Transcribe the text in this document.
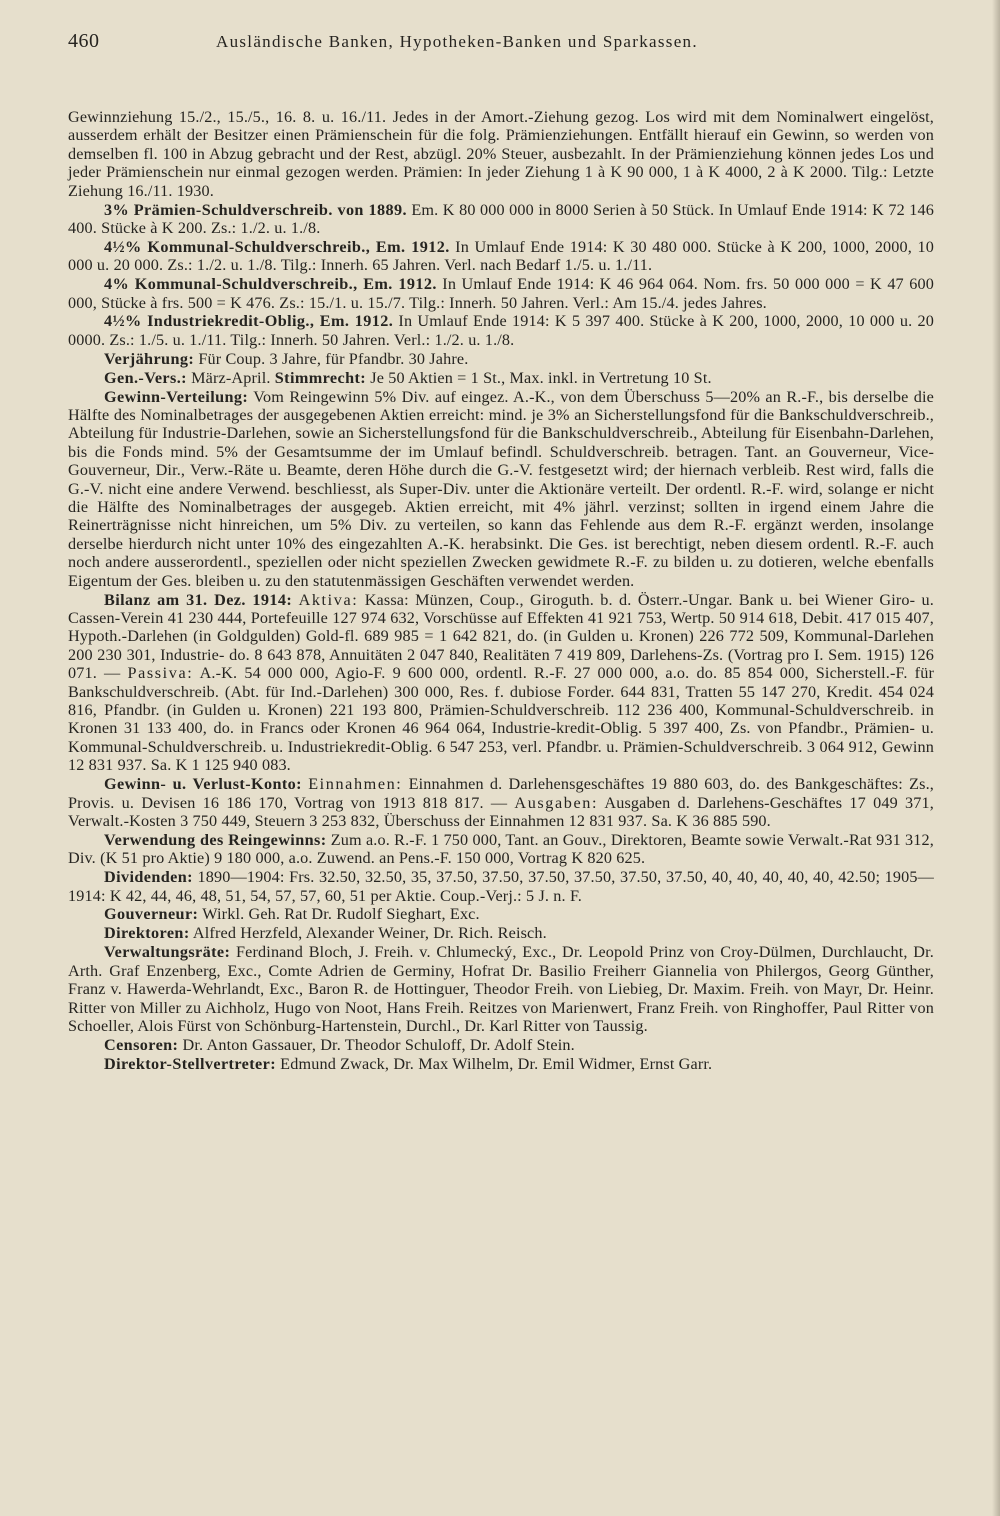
460	Ausländische Banken, Hypotheken-Banken und Sparkassen.

Gewinnziehung 15./2., 15./5., 16. 8. u. 16./11. Jedes in der Amort.-Ziehung gezog. Los wird mit dem Nominalwert eingelöst, ausserdem erhält der Besitzer einen Prämienschein für die folg. Prämienziehungen. Entfällt hierauf ein Gewinn, so werden von demselben fl. 100 in Abzug gebracht und der Rest, abzügl. 20% Steuer, ausbezahlt. In der Prämienziehung können jedes Los und jeder Prämienschein nur einmal gezogen werden. Prämien: In jeder Ziehung 1 à K 90 000, 1 à K 4000, 2 à K 2000. Tilg.: Letzte Ziehung 16./11. 1930.

3% Prämien-Schuldverschreib. von 1889. Em. K 80 000 000 in 8000 Serien à 50 Stück. In Umlauf Ende 1914: K 72 146 400. Stücke à K 200. Zs.: 1./2. u. 1./8.

4½% Kommunal-Schuldverschreib., Em. 1912. In Umlauf Ende 1914: K 30 480 000. Stücke à K 200, 1000, 2000, 10 000 u. 20 000. Zs.: 1./2. u. 1./8. Tilg.: Innerh. 65 Jahren. Verl. nach Bedarf 1./5. u. 1./11.

4% Kommunal-Schuldverschreib., Em. 1912. In Umlauf Ende 1914: K 46 964 064. Nom. frs. 50 000 000 = K 47 600 000, Stücke à frs. 500 = K 476. Zs.: 15./1. u. 15./7. Tilg.: Innerh. 50 Jahren. Verl.: Am 15./4. jedes Jahres.

4½% Industriekredit-Oblig., Em. 1912. In Umlauf Ende 1914: K 5 397 400. Stücke à K 200, 1000, 2000, 10 000 u. 20 0000. Zs.: 1./5. u. 1./11. Tilg.: Innerh. 50 Jahren. Verl.: 1./2. u. 1./8.

Verjährung: Für Coup. 3 Jahre, für Pfandbr. 30 Jahre.

Gen.-Vers.: März-April. Stimmrecht: Je 50 Aktien = 1 St., Max. inkl. in Vertretung 10 St.

Gewinn-Verteilung: Vom Reingewinn 5% Div. auf eingez. A.-K., von dem Überschuss 5—20% an R.-F., bis derselbe die Hälfte des Nominalbetrages der ausgegebenen Aktien erreicht: mind. je 3% an Sicherstellungsfond für die Bankschuldverschreib., Abteilung für Industrie-Darlehen, sowie an Sicherstellungsfond für die Bankschuldverschreib., Abteilung für Eisenbahn-Darlehen, bis die Fonds mind. 5% der Gesamtsumme der im Umlauf befindl. Schuldverschreib. betragen. Tant. an Gouverneur, Vice-Gouverneur, Dir., Verw.-Räte u. Beamte, deren Höhe durch die G.-V. festgesetzt wird; der hiernach verbleib. Rest wird, falls die G.-V. nicht eine andere Verwend. beschliesst, als Super-Div. unter die Aktionäre verteilt. Der ordentl. R.-F. wird, solange er nicht die Hälfte des Nominalbetrages der ausgegeb. Aktien erreicht, mit 4% jährl. verzinst; sollten in irgend einem Jahre die Reinerträgnisse nicht hinreichen, um 5% Div. zu verteilen, so kann das Fehlende aus dem R.-F. ergänzt werden, insolange derselbe hierdurch nicht unter 10% des eingezahlten A.-K. herabsinkt. Die Ges. ist berechtigt, neben diesem ordentl. R.-F. auch noch andere ausserordentl., speziellen oder nicht speziellen Zwecken gewidmete R.-F. zu bilden u. zu dotieren, welche ebenfalls Eigentum der Ges. bleiben u. zu den statutenmässigen Geschäften verwendet werden.

Bilanz am 31. Dez. 1914: Aktiva: Kassa: Münzen, Coup., Giroguth. b. d. Österr.-Ungar. Bank u. bei Wiener Giro- u. Cassen-Verein 41 230 444, Portefeuille 127 974 632, Vorschüsse auf Effekten 41 921 753, Wertp. 50 914 618, Debit. 417 015 407, Hypoth.-Darlehen (in Goldgulden) Gold-fl. 689 985 = 1 642 821, do. (in Gulden u. Kronen) 226 772 509, Kommunal-Darlehen 200 230 301, Industrie- do. 8 643 878, Annuitäten 2 047 840, Realitäten 7 419 809, Darlehens-Zs. (Vortrag pro I. Sem. 1915) 126 071. — Passiva: A.-K. 54 000 000, Agio-F. 9 600 000, ordentl. R.-F. 27 000 000, a.o. do. 85 854 000, Sicherstell.-F. für Bankschuldverschreib. (Abt. für Ind.-Darlehen) 300 000, Res. f. dubiose Forder. 644 831, Tratten 55 147 270, Kredit. 454 024 816, Pfandbr. (in Gulden u. Kronen) 221 193 800, Prämien-Schuldverschreib. 112 236 400, Kommunal-Schuldverschreib. in Kronen 31 133 400, do. in Francs oder Kronen 46 964 064, Industrie-kredit-Oblig. 5 397 400, Zs. von Pfandbr., Prämien- u. Kommunal-Schuldverschreib. u. Industriekredit-Oblig. 6 547 253, verl. Pfandbr. u. Prämien-Schuldverschreib. 3 064 912, Gewinn 12 831 937. Sa. K 1 125 940 083.

Gewinn- u. Verlust-Konto: Einnahmen: Einnahmen d. Darlehensgeschäftes 19 880 603, do. des Bankgeschäftes: Zs., Provis. u. Devisen 16 186 170, Vortrag von 1913 818 817. — Ausgaben: Ausgaben d. Darlehens-Geschäftes 17 049 371, Verwalt.-Kosten 3 750 449, Steuern 3 253 832, Überschuss der Einnahmen 12 831 937. Sa. K 36 885 590.

Verwendung des Reingewinns: Zum a.o. R.-F. 1 750 000, Tant. an Gouv., Direktoren, Beamte sowie Verwalt.-Rat 931 312, Div. (K 51 pro Aktie) 9 180 000, a.o. Zuwend. an Pens.-F. 150 000, Vortrag K 820 625.

Dividenden: 1890—1904: Frs. 32.50, 32.50, 35, 37.50, 37.50, 37.50, 37.50, 37.50, 37.50, 40, 40, 40, 40, 40, 42.50; 1905—1914: K 42, 44, 46, 48, 51, 54, 57, 57, 60, 51 per Aktie. Coup.-Verj.: 5 J. n. F.

Gouverneur: Wirkl. Geh. Rat Dr. Rudolf Sieghart, Exc.

Direktoren: Alfred Herzfeld, Alexander Weiner, Dr. Rich. Reisch.

Verwaltungsräte: Ferdinand Bloch, J. Freih. v. Chlumecký, Exc., Dr. Leopold Prinz von Croy-Dülmen, Durchlaucht, Dr. Arth. Graf Enzenberg, Exc., Comte Adrien de Germiny, Hofrat Dr. Basilio Freiherr Giannelia von Philergos, Georg Günther, Franz v. Hawerda-Wehrlandt, Exc., Baron R. de Hottinguer, Theodor Freih. von Liebieg, Dr. Maxim. Freih. von Mayr, Dr. Heinr. Ritter von Miller zu Aichholz, Hugo von Noot, Hans Freih. Reitzes von Marienwert, Franz Freih. von Ringhoffer, Paul Ritter von Schoeller, Alois Fürst von Schönburg-Hartenstein, Durchl., Dr. Karl Ritter von Taussig.

Censoren: Dr. Anton Gassauer, Dr. Theodor Schuloff, Dr. Adolf Stein.

Direktor-Stellvertreter: Edmund Zwack, Dr. Max Wilhelm, Dr. Emil Widmer, Ernst Garr.
